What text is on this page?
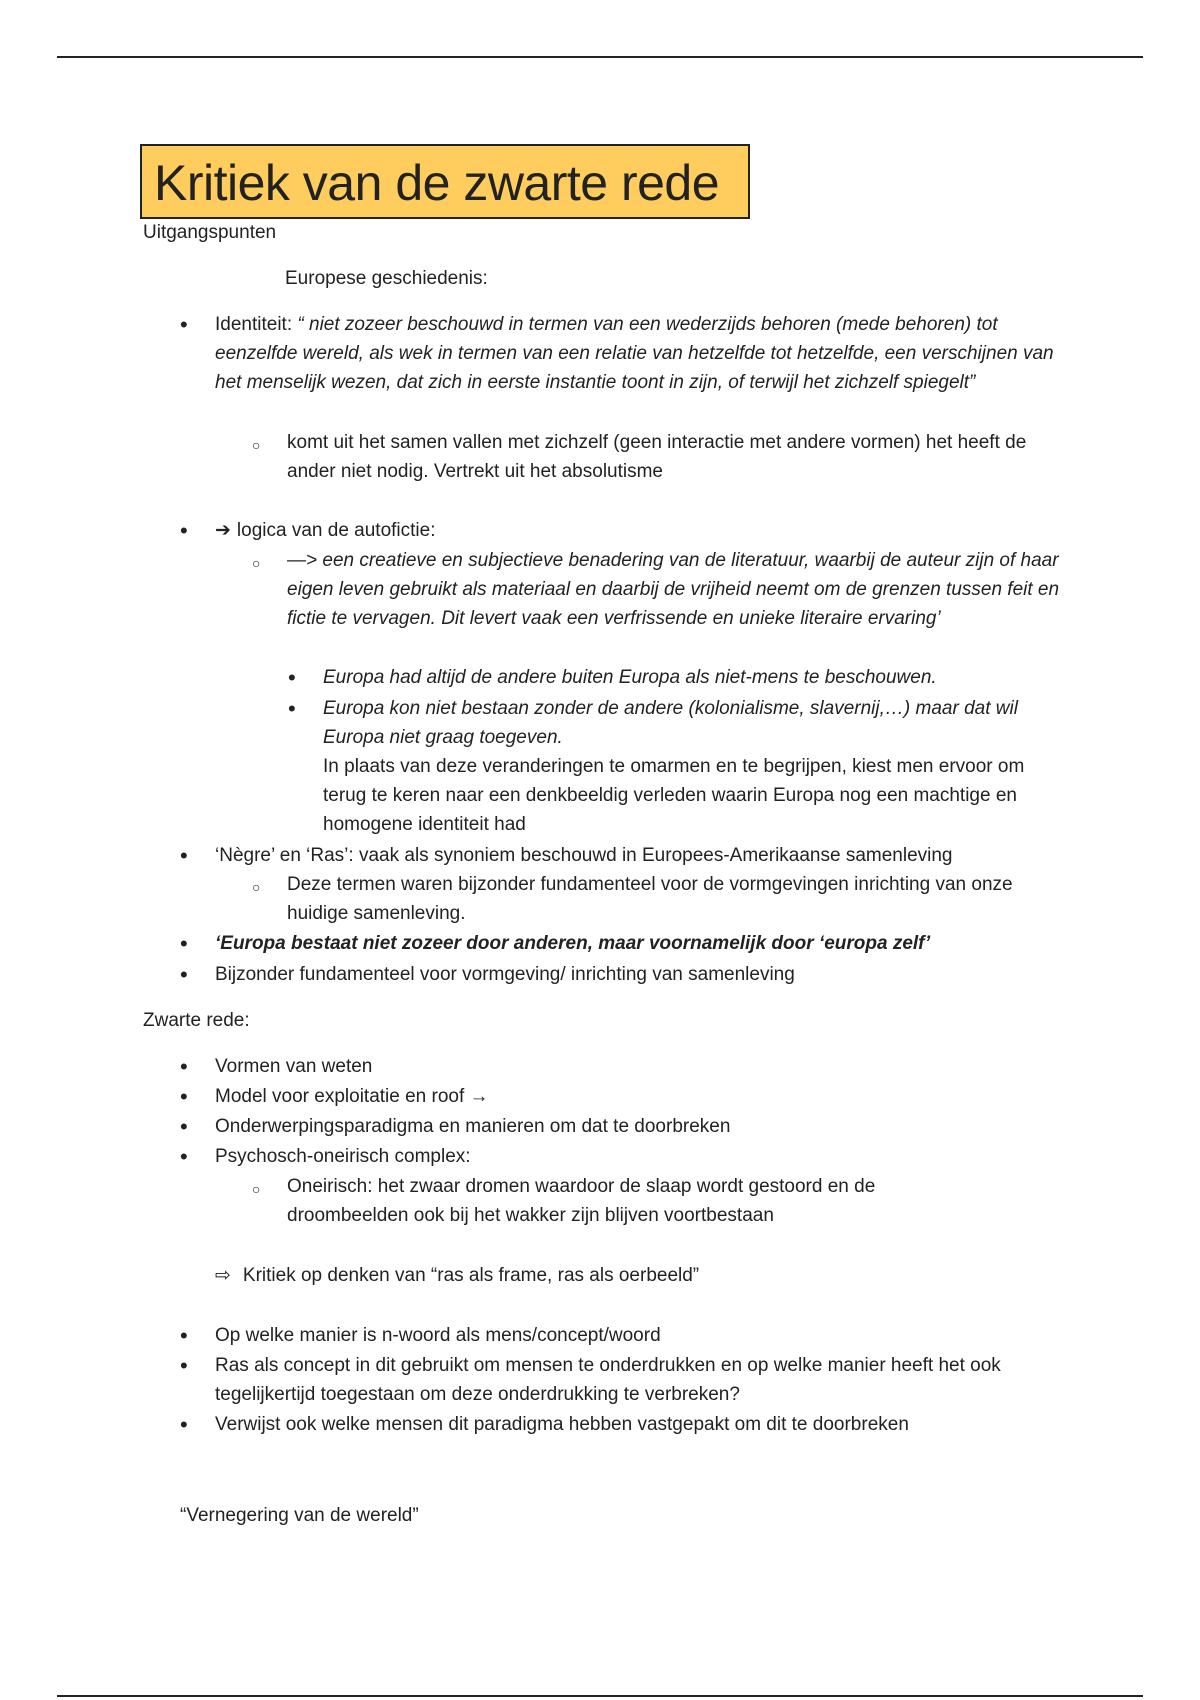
Kritiek van de zwarte rede
Uitgangspunten
Europese geschiedenis:
•
Identiteit: “ niet zozeer beschouwd in termen van een wederzijds behoren (mede behoren) tot eenzelfde wereld, als wek in termen van een relatie van hetzelfde tot hetzelfde, een verschijnen van het menselijk wezen, dat zich in eerste instantie toont in zijn, of terwijl het zichzelf spiegelt”
○
komt uit het samen vallen met zichzelf (geen interactie met andere vormen) het heeft de ander niet nodig. Vertrekt uit het absolutisme
•
➔ logica van de autofictie:
○
—> een creatieve en subjectieve benadering van de literatuur, waarbij de auteur zijn of haar eigen leven gebruikt als materiaal en daarbij de vrijheid neemt om de grenzen tussen feit en fictie te vervagen. Dit levert vaak een verfrissende en unieke literaire ervaring’
•
Europa had altijd de andere buiten Europa als niet-mens te beschouwen.
•
Europa kon niet bestaan zonder de andere (kolonialisme, slavernij,…) maar dat wil Europa niet graag toegeven.
In plaats van deze veranderingen te omarmen en te begrijpen, kiest men ervoor om terug te keren naar een denkbeeldig verleden waarin Europa nog een machtige en homogene identiteit had
•
‘Nègre’ en ‘Ras’: vaak als synoniem beschouwd in Europees-Amerikaanse samenleving
○
Deze termen waren bijzonder fundamenteel voor de vormgevingen inrichting van onze huidige samenleving.
•
‘Europa bestaat niet zozeer door anderen, maar voornamelijk door ‘europa zelf’
•
Bijzonder fundamenteel voor vormgeving/ inrichting van samenleving
Zwarte rede:
•
Vormen van weten
•
Model voor exploitatie en roof →
•
Onderwerpingsparadigma en manieren om dat te doorbreken
•
Psychosch-oneirisch complex:
○
Oneirisch: het zwaar dromen waardoor de slaap wordt gestoord en de droombeelden ook bij het wakker zijn blijven voortbestaan
⇨ Kritiek op denken van “ras als frame, ras als oerbeeld”
•
Op welke manier is n-woord als mens/concept/woord
•
Ras als concept in dit gebruikt om mensen te onderdrukken en op welke manier heeft het ook tegelijkertijd toegestaan om deze onderdrukking te verbreken?
•
Verwijst ook welke mensen dit paradigma hebben vastgepakt om dit te doorbreken
“Vernegering van de wereld”
